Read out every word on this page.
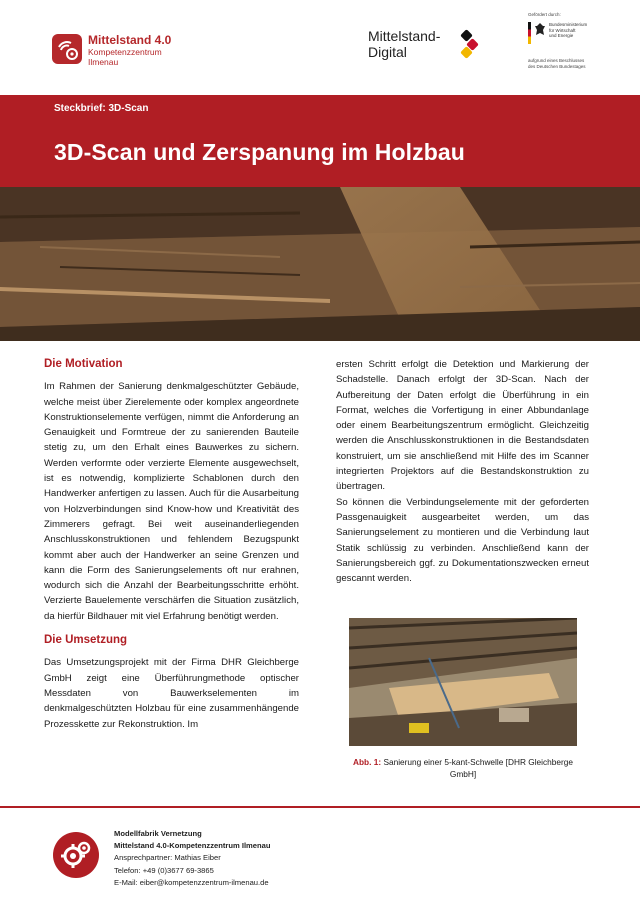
Mittelstand 4.0
Kompetenzzentrum
Ilmenau
Mittelstand-
Digital
Gefördert durch:
Bundesministerium
für Wirtschaft
und Energie
aufgrund eines Beschlusses
des Deutschen Bundestages
Steckbrief: 3D-Scan
3D-Scan und Zerspanung im Holzbau
Die Motivation

Im Rahmen der Sanierung denkmalgeschützter Gebäude, welche meist über Zierelemente oder komplex angeordnete Konstruktionselemente verfügen, nimmt die Anforderung an Genauigkeit und Formtreue der zu sanierenden Bauteile stetig zu, um den Erhalt eines Bauwerkes zu sichern. Werden verformte oder verzierte Elemente ausgewechselt, ist es notwendig, komplizierte Schablonen durch den Handwerker anfertigen zu lassen. Auch für die Ausarbeitung von Holzverbindungen sind Know-how und Kreativität des Zimmerers gefragt. Bei weit auseinanderliegenden Anschlusskonstruktionen und fehlendem Bezugspunkt kommt aber auch der Handwerker an seine Grenzen und kann die Form des Sanierungselements oft nur erahnen, wodurch sich die Anzahl der Bearbeitungsschritte erhöht. Verzierte Bauelemente verschärfen die Situation zusätzlich, da hierfür Bildhauer mit viel Erfahrung benötigt werden.

Die Umsetzung

Das Umsetzungsprojekt mit der Firma DHR Gleichberge GmbH zeigt eine Überführungmethode optischer Messdaten von Bauwerkselementen im denkmalgeschützten Holzbau für eine zusammenhängende Prozesskette zur Rekonstruktion. Im

ersten Schritt erfolgt die Detektion und Markierung der Schadstelle. Danach erfolgt der 3D-Scan. Nach der Aufbereitung der Daten erfolgt die Überführung in ein Format, welches die Vorfertigung in einer Abbundanlage oder einem Bearbeitungszentrum ermöglicht. Gleichzeitig werden die Anschlusskonstruktionen in die Bestandsdaten konstruiert, um sie anschließend mit Hilfe des im Scanner integrierten Projektors auf die Bestandskonstruktion zu übertragen.

So können die Verbindungselemente mit der geforderten Passgenauigkeit ausgearbeitet werden, um das Sanierungselement zu montieren und die Verbindung laut Statik schlüssig zu verbinden. Anschließend kann der Sanierungsbereich ggf. zu Dokumentationszwecken erneut gescannt werden.

Abb. 1: Sanierung einer 5-kant-Schwelle [DHR Gleichberge GmbH]
Modellfabrik Vernetzung
Mittelstand 4.0-Kompetenzzentrum Ilmenau
Ansprechpartner: Mathias Eiber
Telefon: +49 (0)3677 69-3865
E-Mail: eiber@kompetenzzentrum-ilmenau.de
